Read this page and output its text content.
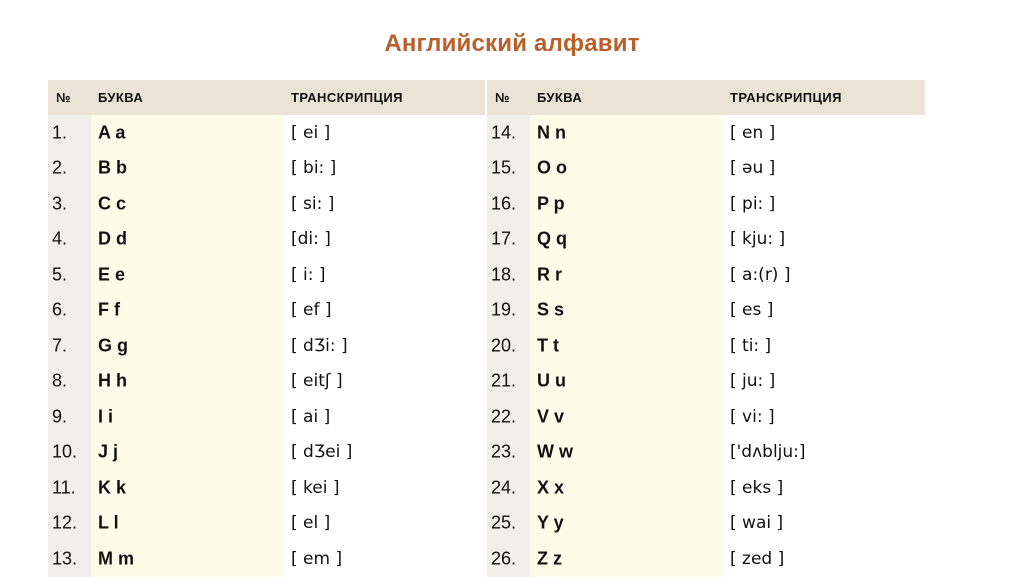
Английский алфавит
№ БУКВА	ТРАНСКРИПЦИЯ
1. A a	[ ei ]
2. B b	[ bi: ]
3. C c	[ si: ]
4. D d	[di: ]
5. E e	[ i: ]
6. F f	[ ef ]
7. G g	[ dƷi: ]
8. H h	[ eitʃ ]
9. I i	[ ai ]
10. J j	[ dƷei ]
11. K k	[ kei ]
12. L l	[ el ]
13. M m	[ em ]
№ БУКВА	ТРАНСКРИПЦИЯ
14. N n	[ en ]
15. O o	[ əu ]
16. P p	[ pi: ]
17. Q q	[ kju: ]
18. R r	[ a:(r) ]
19. S s	[ es ]
20. T t	[ ti: ]
21. U u	[ ju: ]
22. V v	[ vi: ]
23. W w	['dʌblju:]
24. X x	[ eks ]
25. Y y	[ wai ]
26. Z z	[ zed ]
